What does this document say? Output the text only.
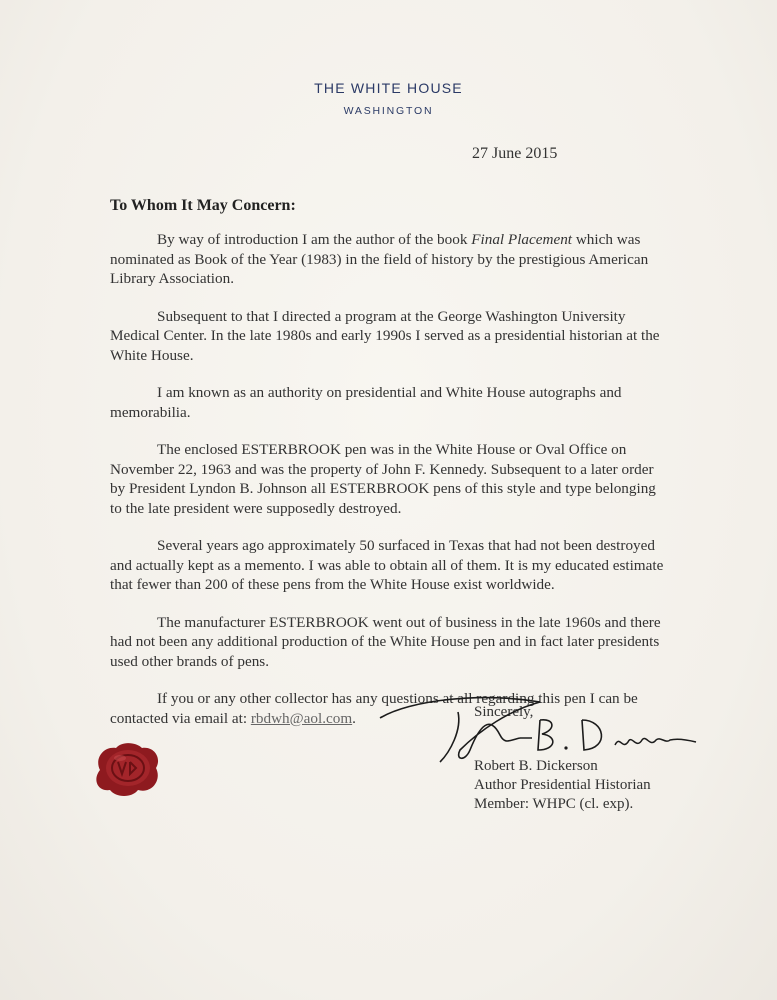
THE WHITE HOUSE
WASHINGTON
27 June 2015
To Whom It May Concern:

By way of introduction I am the author of the book Final Placement which was nominated as Book of the Year (1983) in the field of history by the prestigious American Library Association.

Subsequent to that I directed a program at the George Washington University Medical Center. In the late 1980s and early 1990s I served as a presidential historian at the White House.

I am known as an authority on presidential and White House autographs and memorabilia.

The enclosed ESTERBROOK pen was in the White House or Oval Office on November 22, 1963 and was the property of John F. Kennedy. Subsequent to a later order by President Lyndon B. Johnson all ESTERBROOK pens of this style and type belonging to the late president were supposedly destroyed.

Several years ago approximately 50 surfaced in Texas that had not been destroyed and actually kept as a memento. I was able to obtain all of them. It is my educated estimate that fewer than 200 of these pens from the White House exist worldwide.

The manufacturer ESTERBROOK went out of business in the late 1960s and there had not been any additional production of the White House pen and in fact later presidents used other brands of pens.

If you or any other collector has any questions at all regarding this pen I can be contacted via email at: rbdwh@aol.com.	Sincerely,
Robert B. Dickerson
Author Presidential Historian
Member: WHPC (cl. exp).
